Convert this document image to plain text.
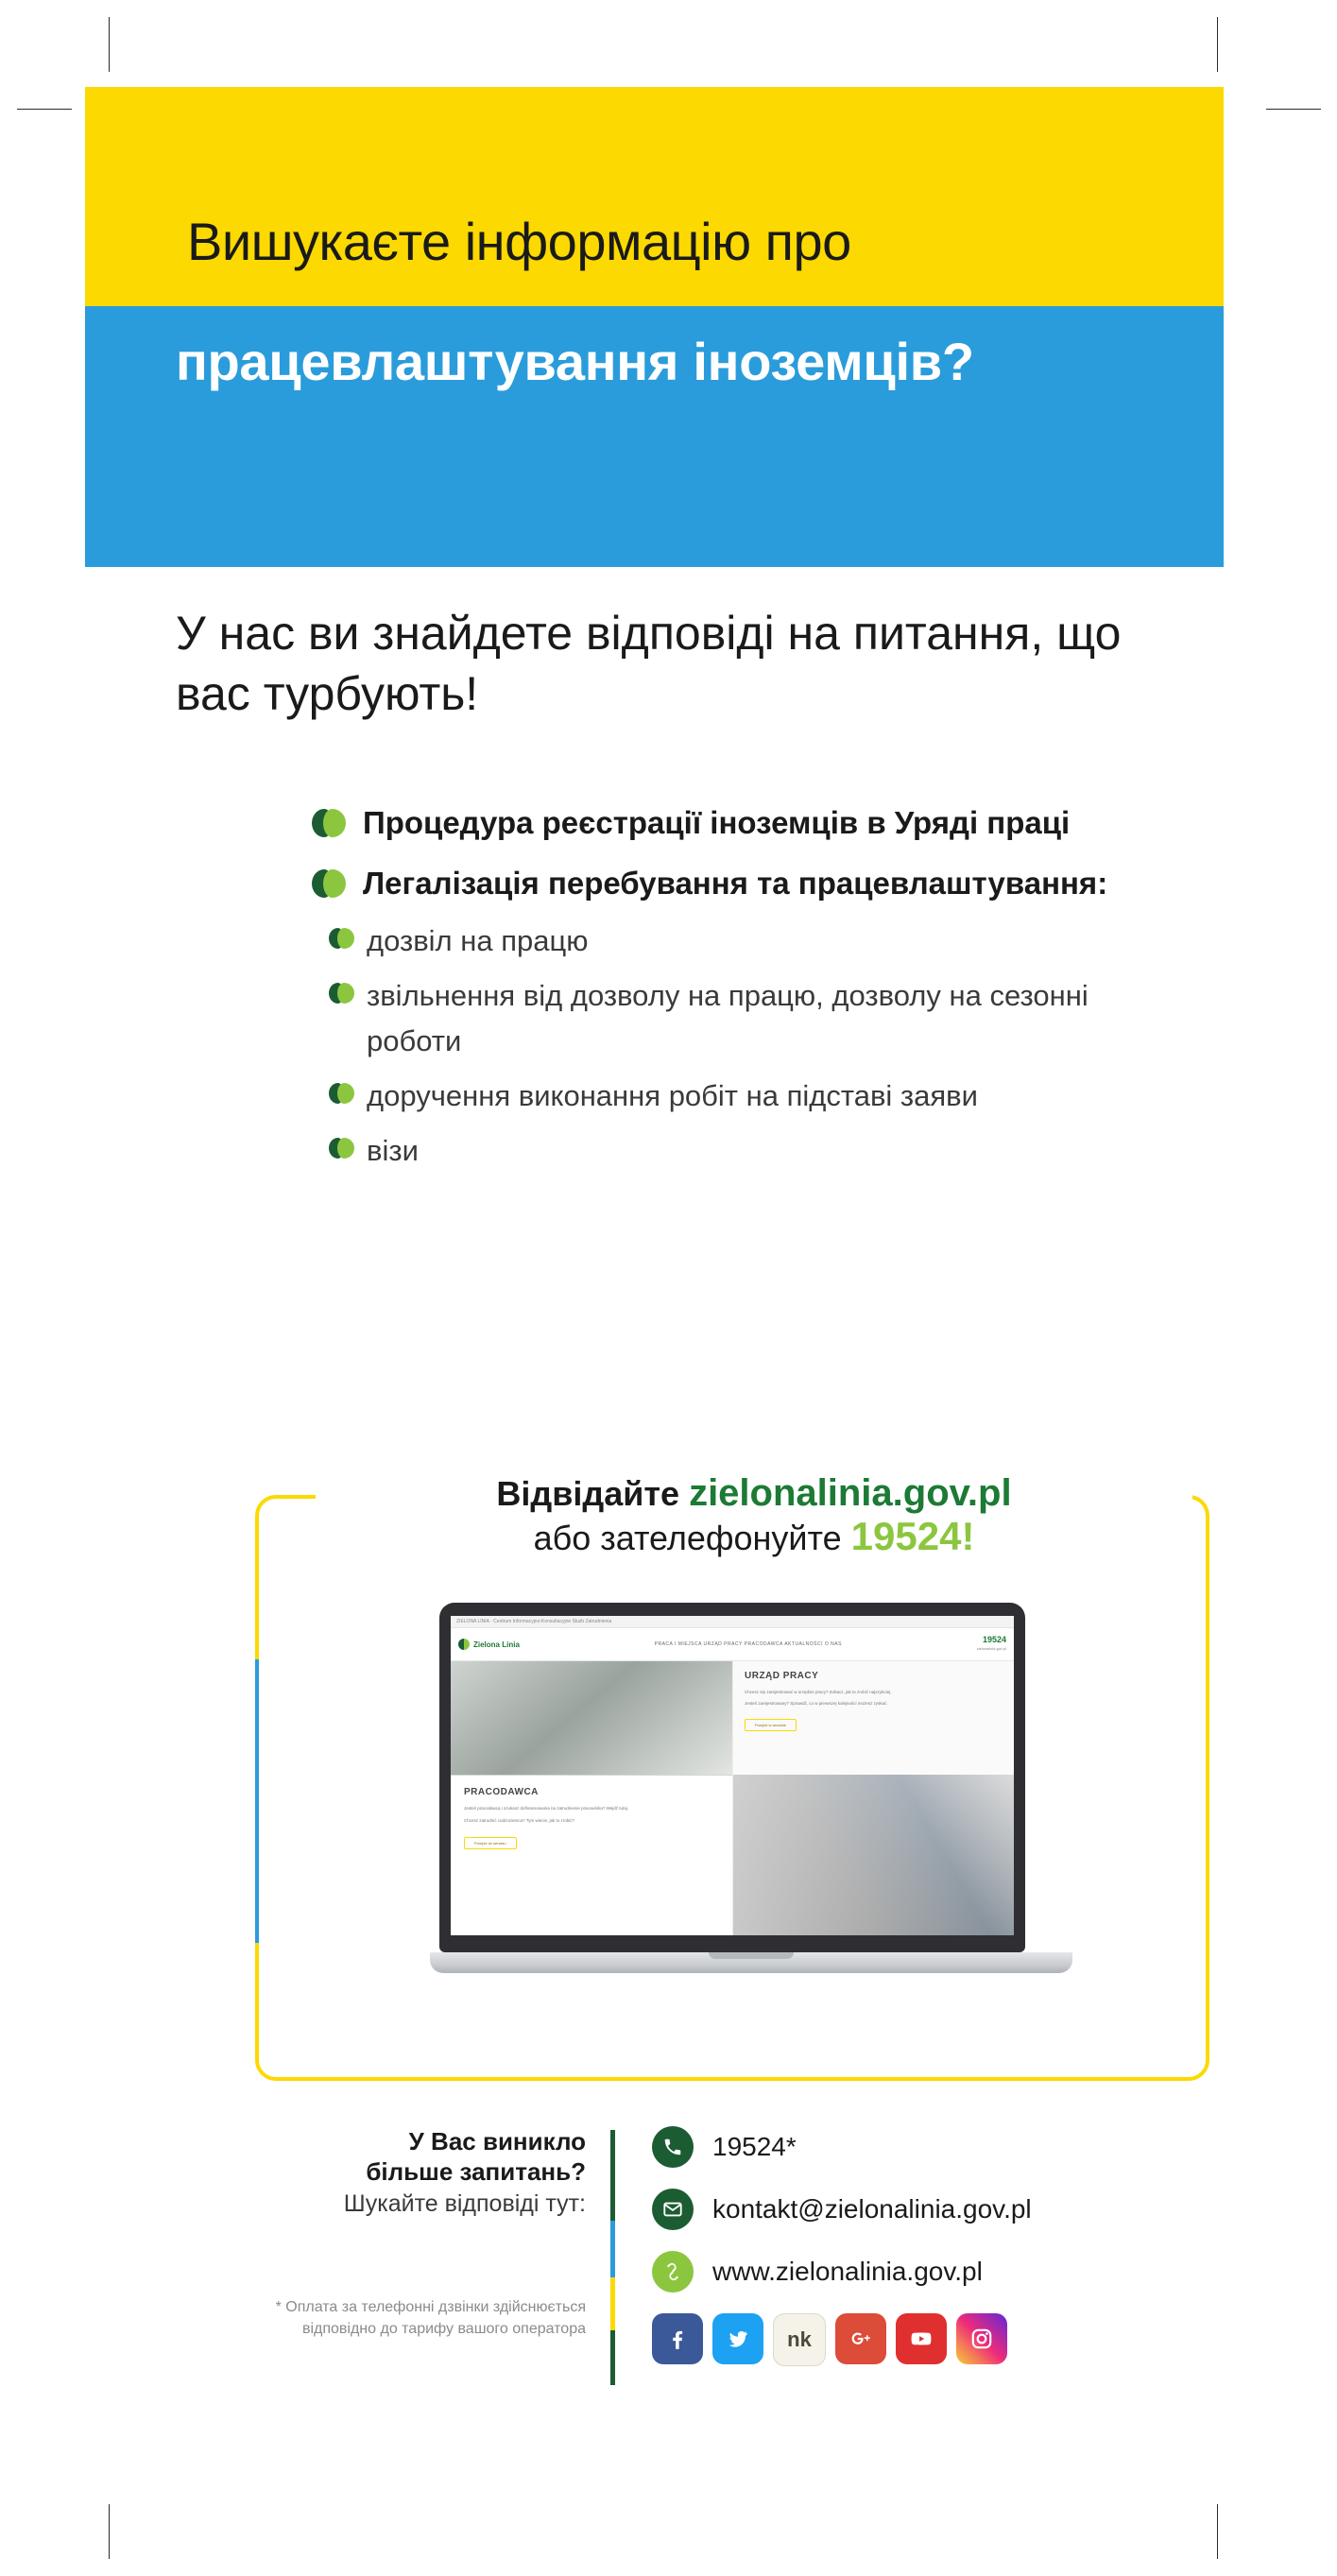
Вишукаєте інформацію про
працевлаштування іноземців?
У нас ви знайдете відповіді на питання, що вас турбують!
Процедура реєстрації іноземців в Уряді праці
Легалізація перебування та працевлаштування:
дозвіл на працю
звільнення від дозволу на працю, дозволу на сезонні роботи
доручення виконання робіт на підставі заяви
візи
Відвідайте zielonalinia.gov.pl
або зателефонуйте 19524!
ZIELONA LINIA · Centrum Informacyjno-Konsultacyjne Służb Zatrudnienia
Zielona Linia	PRACA I MIEJSCA URZĄD PRACY PRACODAWCA AKTUALNOŚCI O NAS	19524
zielonalinia.gov.pl
PRACODAWCA

Jesteś pracodawcą i szukasz dofinansowania na zatrudnienie pracownika? Wejdź tutaj.

Chcesz zatrudnić cudzoziemca? Tym wiecie, jak to zrobić?

Przejdź do serwisu
URZĄD PRACY

Chcesz się zarejestrować w urzędzie pracy? Zobacz, jak to zrobić najszybciej.

Jesteś zarejestrowany? Sprawdź, co w pierwszej kolejności możesz zyskać.

Przejdź w serwisie
У Вас виникло
більше запитань?
Шукайте відповіді тут:
* Оплата за телефонні дзвінки здійснюється відповідно до тарифу вашого оператора
19524*
kontakt@zielonalinia.gov.pl
www.zielonalinia.gov.pl
nk
